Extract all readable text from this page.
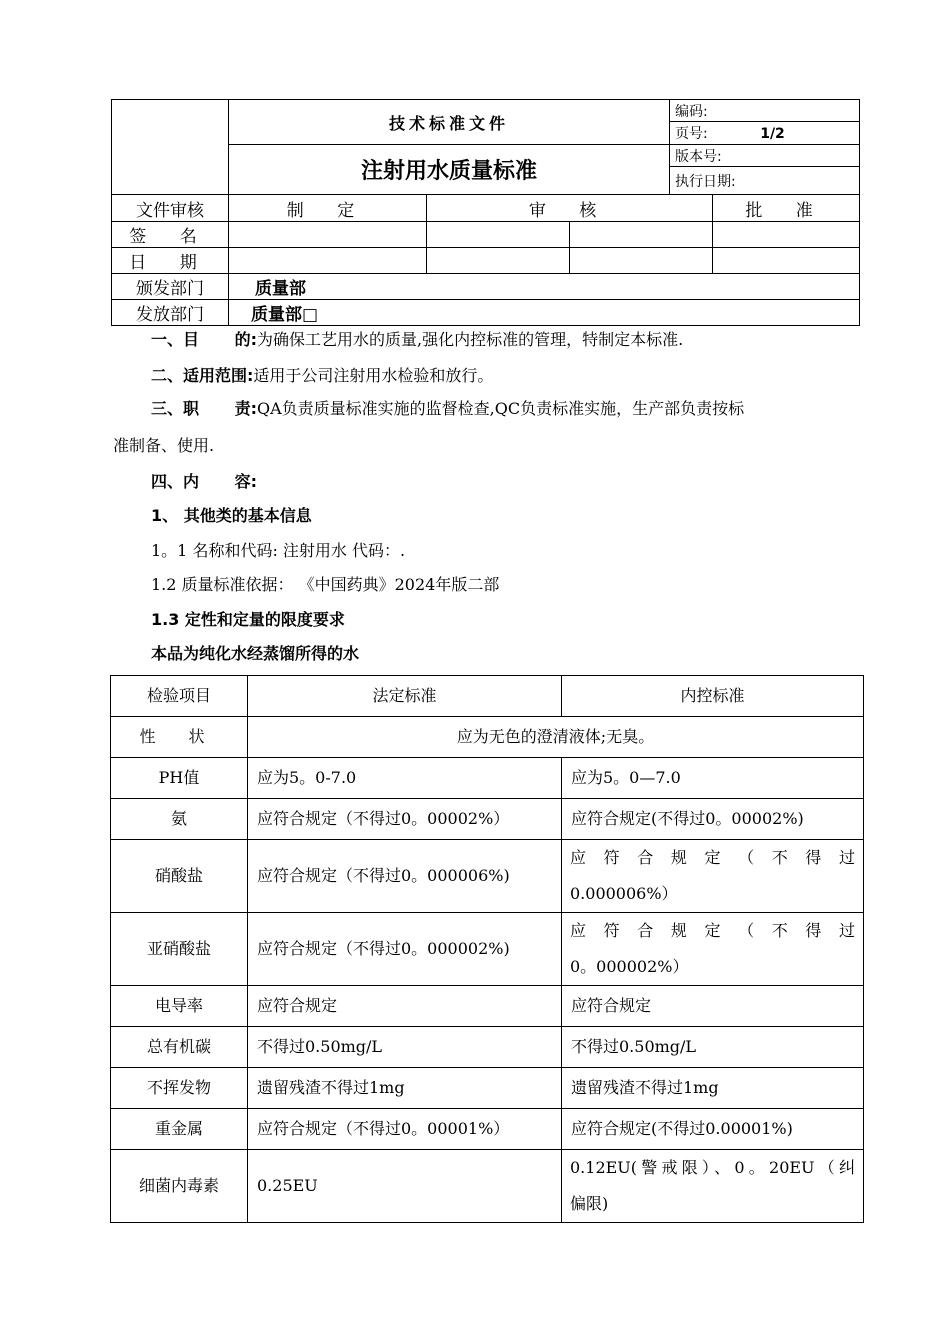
	技术标准文件			编码:	
				页号: 1/2	
	注射用水质量标准			版本号:	
				执行日期:	
文件审核	制 定	审 核			批 准
签 名					
日 期					
颁发部门	质量部				
发放部门	质量部□				
一、目 的:为确保工艺用水的质量,强化内控标准的管理，特制定本标准.
二、适用范围:适用于公司注射用水检验和放行。
三、职 责:QA负责质量标准实施的监督检查,QC负责标准实施，生产部负责按标
准制备、使用.
四、内 容:
1、 其他类的基本信息
1。1 名称和代码: 注射用水 代码：.
1.2 质量标准依据： 《中国药典》2024年版二部
1.3 定性和定量的限度要求
本品为纯化水经蒸馏所得的水
检验项目	法定标准	内控标准
性 状	应为无色的澄清液体;无臭。	
PH值	应为5。0-7.0	应为5。0—7.0
氨	应符合规定（不得过0。00002%）	应符合规定(不得过0。00002%)
硝酸盐	应符合规定（不得过0。000006%)	应符合规定（不得过
0.000006%）

亚硝酸盐	应符合规定（不得过0。000002%)	应符合规定（不得过
0。000002%）

电导率	应符合规定	应符合规定
总有机碳	不得过0.50mg/L	不得过0.50mg/L
不挥发物	遗留残渣不得过1mg	遗留残渣不得过1mg
重金属	应符合规定（不得过0。00001%）	应符合规定(不得过0.00001%)
细菌内毒素	0.25EU	0.12EU(警戒限）、0。20EU（纠
偏限)
